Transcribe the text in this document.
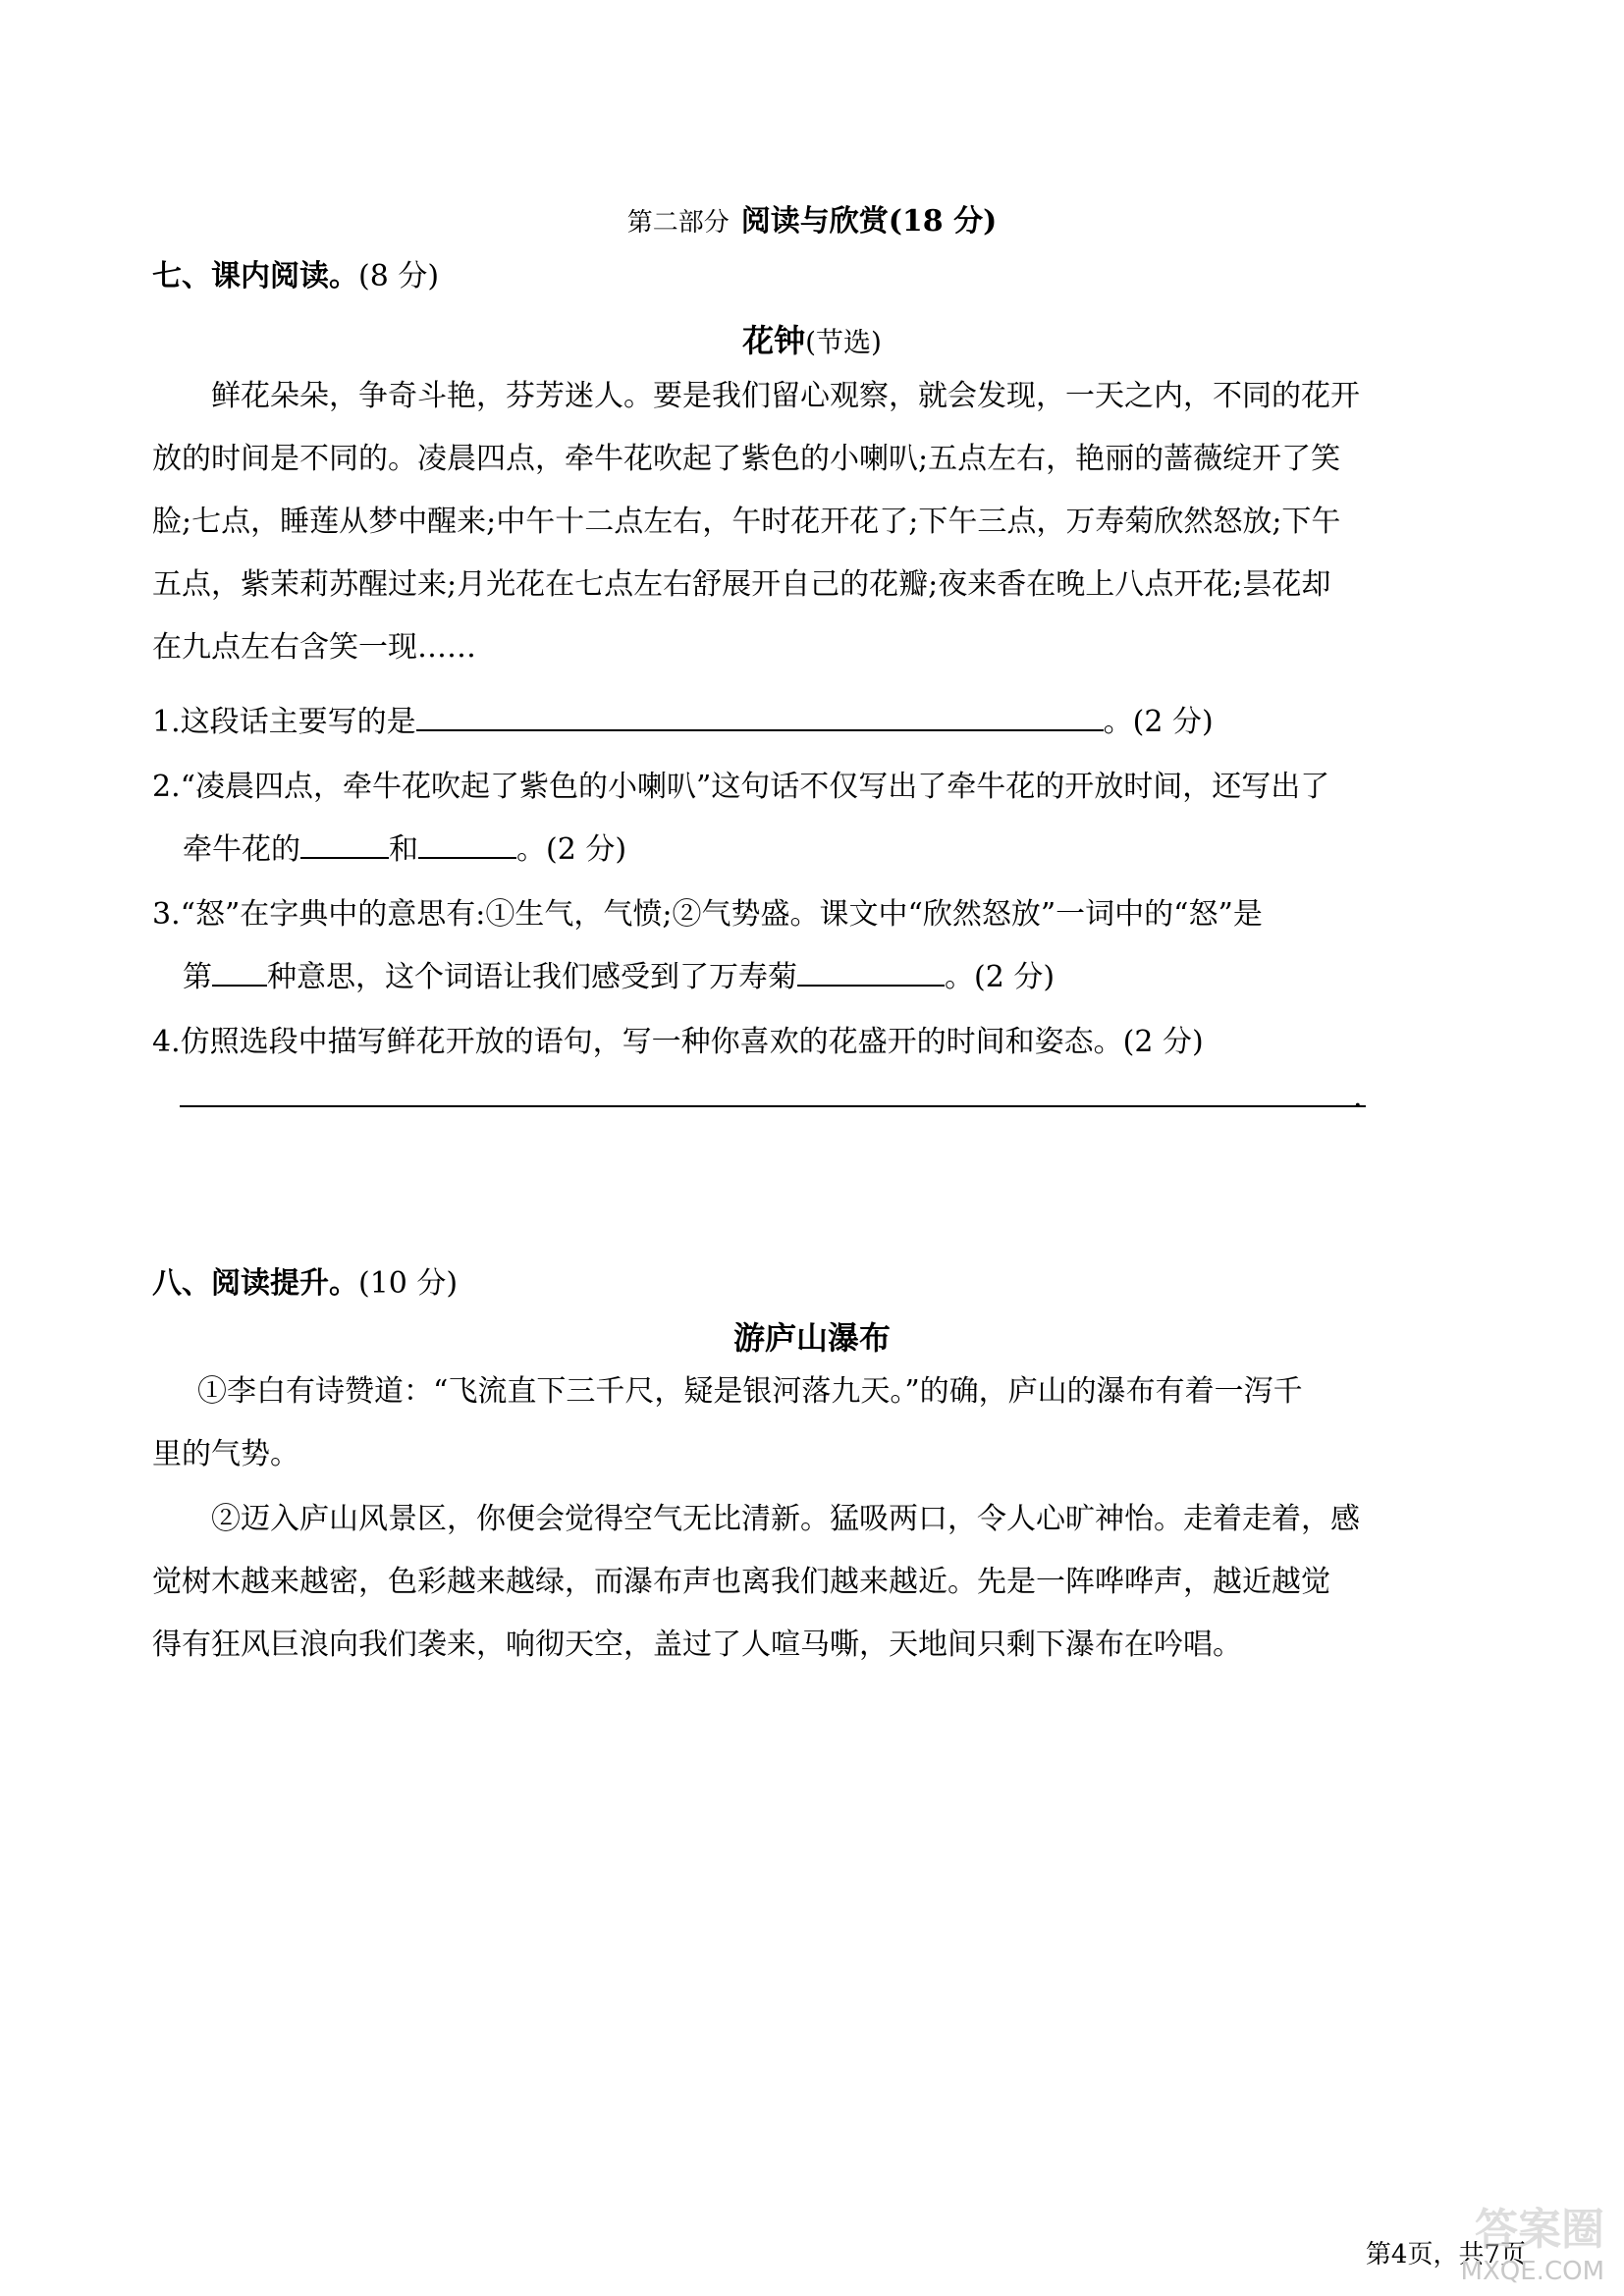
第二部分 阅读与欣赏(18 分)
七、课内阅读。(8 分)
花钟(节选)
　　鲜花朵朵，争奇斗艳，芬芳迷人。要是我们留心观察，就会发现，一天之内，不同的花开
放的时间是不同的。凌晨四点，牵牛花吹起了紫色的小喇叭;五点左右，艳丽的蔷薇绽开了笑
脸;七点，睡莲从梦中醒来;中午十二点左右，午时花开花了;下午三点，万寿菊欣然怒放;下午
五点，紫茉莉苏醒过来;月光花在七点左右舒展开自己的花瓣;夜来香在晚上八点开花;昙花却
在九点左右含笑一现……
1.这段话主要写的是	。(2 分)
2.“凌晨四点，牵牛花吹起了紫色的小喇叭”这句话不仅写出了牵牛花的开放时间，还写出了
牵牛花的	和	。(2 分)
3.“怒”在字典中的意思有:①生气，气愤;②气势盛。课文中“欣然怒放”一词中的“怒”是
第 种意思，这个词语让我们感受到了万寿菊	。(2 分)
4.仿照选段中描写鲜花开放的语句，写一种你喜欢的花盛开的时间和姿态。(2 分)
.
八、阅读提升。(10 分)
游庐山瀑布
①李白有诗赞道：“飞流直下三千尺，疑是银河落九天。”的确，庐山的瀑布有着一泻千
里的气势。
②迈入庐山风景区，你便会觉得空气无比清新。猛吸两口，令人心旷神怡。走着走着，感
觉树木越来越密，色彩越来越绿，而瀑布声也离我们越来越近。先是一阵哗哗声，越近越觉
得有狂风巨浪向我们袭来，响彻天空，盖过了人喧马嘶，天地间只剩下瀑布在吟唱。
第4页，共7页
答案圈
MXQE.COM
